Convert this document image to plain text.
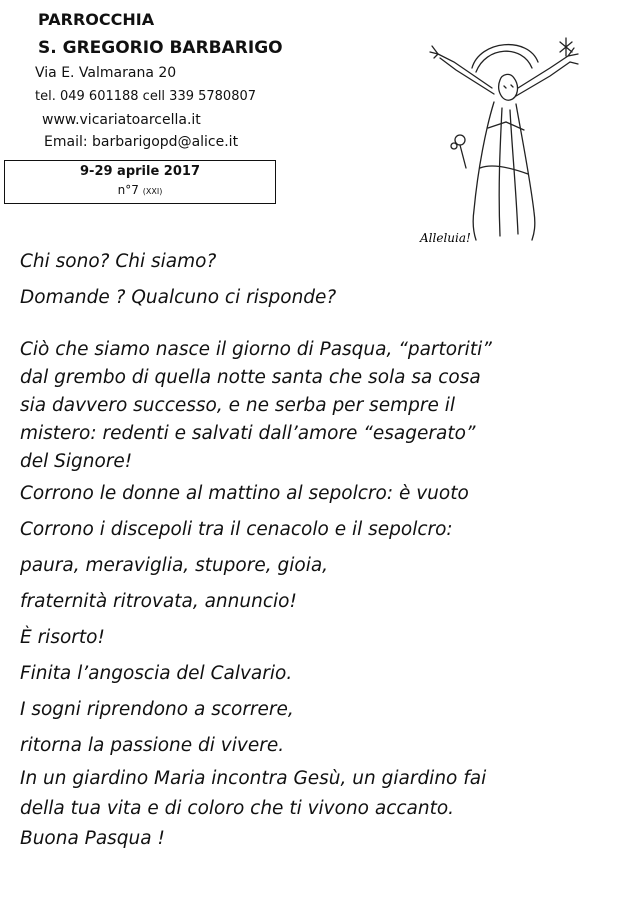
PARROCCHIA

S. GREGORIO BARBARIGO

Via E. Valmarana 20

tel. 049 601188 cell 339 5780807

www.vicariatoarcella.it

Email: barbarigopd@alice.it

9-29 aprile 2017
n°7 (XXI)
Alleluia!
Chi sono? Chi siamo?
Domande ? Qualcuno ci risponde?
Ciò che siamo nasce il giorno di Pasqua, “partoriti”
dal grembo di quella notte santa che sola sa cosa
sia davvero successo, e ne serba per sempre il
mistero: redenti e salvati dall’amore “esagerato”
del Signore!
Corrono le donne al mattino al sepolcro: è vuoto
Corrono i discepoli tra il cenacolo e il sepolcro:
paura, meraviglia, stupore, gioia,
fraternità ritrovata, annuncio!
È risorto!
Finita l’angoscia del Calvario.
I sogni riprendono a scorrere,
ritorna la passione di vivere.
In un giardino Maria incontra Gesù, un giardino fai
della tua vita e di coloro che ti vivono accanto.
Buona Pasqua !
